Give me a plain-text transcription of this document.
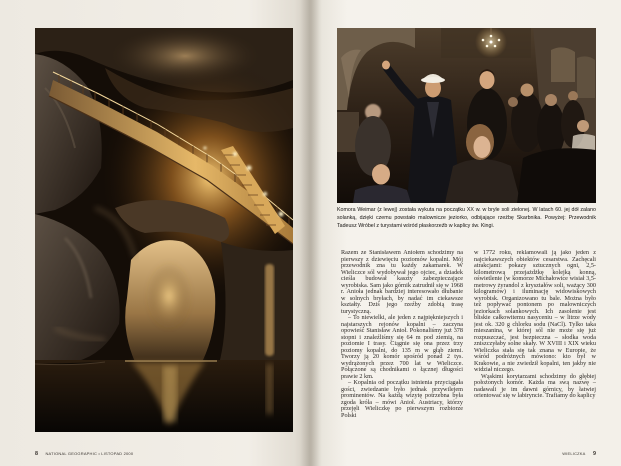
8 NATIONAL GEOGRAPHIC • LISTOPAD 2000
Komora Weimar (z lewej) została wykuta na początku XX w. w bryle soli zielonej. W latach 60. jej dół zalano solanką, dzięki czemu powstało malownicze jeziorko, odbijające rzeźbę Skarbnika. Powyżej: Przewodnik Tadeusz Wróbel z turystami wśród płaskorzeźb w kaplicy św. Kingi.

Razem ze Stanisławem Aniołem schodzimy na pierwszy z dziewięciu poziomów kopalni. Mój przewodnik zna tu każdy zakamarek. W Wieliczce sól wydobywał jego ojciec, a dziadek cieśla budował kaszty zabezpieczające wyrobiska. Sam jako górnik zatrudnił się w 1968 r. Anioła jednak bardziej interesowało dłubanie w solnych bryłach, by nadać im ciekawsze kształty. Dziś jego rzeźby zdobią trasę turystyczną.

– To niewielki, ale jeden z najpiękniejszych i najstarszych rejonów kopalni – zaczyna opowieść Stanisław Anioł. Pokonaliśmy już 378 stopni i znaleźliśmy się 64 m pod ziemią, na poziomie I trasy. Ciągnie się ona przez trzy poziomy kopalni, do 135 m w głąb ziemi. Tworzy ją 20 komór spośród ponad 2 tys. wydrążonych przez 700 lat w Wieliczce. Połączone są chodnikami o łącznej długości prawie 2 km.

– Kopalnia od początku istnienia przyciągała gości, zwiedzanie było jednak przywilejem prominentów. Na każdą wizytę potrzebna była zgoda króla – mówi Anioł. Austriacy, którzy przejęli Wieliczkę po pierwszym rozbiorze Polski

w 1772 roku, reklamowali ją jako jeden z najciekawszych obiektów cesarstwa. Zachęcali atrakcjami: pokazy sztucznych ogni, 2,5-kilometrową przejażdżkę kolejką konną, oświetlenie (w komorze Michałowice wisiał 3,5-metrowy żyrandol z kryształów soli, ważący 300 kilogramów) i iluminację widowiskowych wyrobisk. Organizowano tu bale. Można było też popływać pontonem po malowniczych jeziorkach solankowych. Ich zasolenie jest bliskie całkowitemu nasyceniu – w litrze wody jest ok. 320 g chlorku sodu (NaCl). Tylko taka mieszanina, w której sól nie może się już rozpuszczać, jest bezpieczna – słodka woda zniszczyłaby solne skały. W XVIII i XIX wieku Wieliczka stała się tak znana w Europie, że wśród podróżnych mówiono: kto był w Krakowie, a nie zwiedził kopalni, ten jakby nie widział niczego.

Wąskimi korytarzami schodzimy do głębiej położonych komór. Każda ma swą nazwę – nadawali je im dawni górnicy, by łatwiej orientować się w labiryncie. Trafiamy do kaplicy

WIELICZKA 9
